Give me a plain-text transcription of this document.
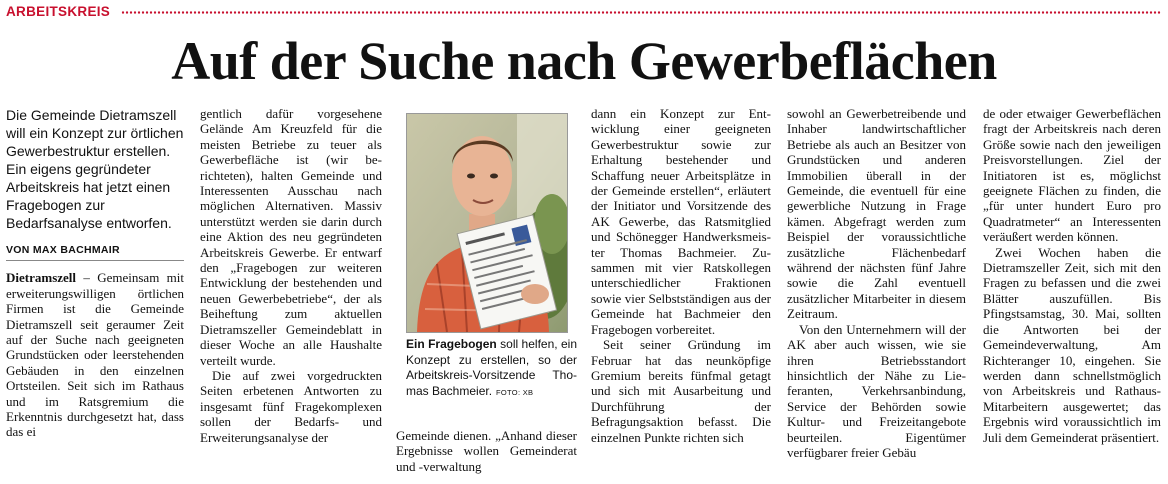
ARBEITSKREIS
Auf der Suche nach Gewerbeflächen
Die Gemeinde Dietramszell will ein Konzept zur örtlichen Gewerbestruktur erstellen. Ein eigens gegründeter Arbeitskreis hat jetzt einen Fragebogen zur Bedarfsanalyse entworfen.
VON MAX BACHMAIR

Dietramszell – Gemeinsam mit erweiterungswilligen örtlichen Firmen ist die Gemeinde Dietramszell seit geraumer Zeit auf der Suche nach geeigneten Grundstücken oder leerstehenden Gebäuden in den einzelnen Ortsteilen. Seit sich im Rathaus und im Ratsgremium die Erkenntnis durchgesetzt hat, dass das ei

gentlich dafür vorgesehene Gelände Am Kreuzfeld für die meisten Betriebe zu teuer als Gewerbefläche ist (wir berichteten), halten Gemeinde und Interessenten Ausschau nach möglichen Alternativen. Massiv unterstützt werden sie darin durch eine Aktion des neu gegründeten Arbeitskreis Gewerbe. Er entwarf den „Fragebogen zur weiteren Entwicklung der bestehenden und neuen Gewerbebetriebe“, der als Beiheftung zum aktuellen Dietramszeller Gemeindeblatt in dieser Woche an alle Haushalte verteilt wurde.

Die auf zwei vorgedruckten Seiten erbetenen Antworten zu insgesamt fünf Fragekomplexen sollen der Bedarfs- und Erweiterungsanalyse der

Ein Fragebogen soll helfen, ein Konzept zu erstellen, so der Arbeitskreis-Vorsitzende Thomas Bachmeier. FOTO: XB

Gemeinde dienen. „Anhand dieser Ergebnisse wollen Gemeinderat und -verwaltung

dann ein Konzept zur Entwicklung einer geeigneten Gewerbestruktur sowie zur Erhaltung bestehender und Schaffung neuer Arbeitsplätze in der Gemeinde erstellen“, erläutert der Initiator und Vorsitzende des AK Gewerbe, das Ratsmitglied und Schönegger Handwerksmeister Thomas Bachmeier. Zusammen mit vier Ratskollegen unterschiedlicher Fraktionen sowie vier Selbstständigen aus der Gemeinde hat Bachmeier den Fragebogen vorbereitet.

Seit seiner Gründung im Februar hat das neunköpfige Gremium bereits fünfmal getagt und sich mit Ausarbeitung und Durchführung der Befragungsaktion befasst. Die einzelnen Punkte richten sich

sowohl an Gewerbetreibende und Inhaber landwirtschaftlicher Betriebe als auch an Besitzer von Grundstücken und anderen Immobilien überall in der Gemeinde, die eventuell für eine gewerbliche Nutzung in Frage kämen. Abgefragt werden zum Beispiel der voraussichtliche zusätzliche Flächenbedarf während der nächsten fünf Jahre sowie die Zahl eventuell zusätzlicher Mitarbeiter in diesem Zeitraum.

Von den Unternehmern will der AK aber auch wissen, wie sie ihren Betriebsstandort hinsichtlich der Nähe zu Lieferanten, Verkehrsanbindung, Service der Behörden sowie Kultur- und Freizeitangebote beurteilen. Eigentümer verfügbarer freier Gebäu

de oder etwaiger Gewerbeflächen fragt der Arbeitskreis nach deren Größe sowie nach den jeweiligen Preisvorstellungen. Ziel der Initiatoren ist es, möglichst geeignete Flächen zu finden, die „für unter hundert Euro pro Quadratmeter“ an Interessenten veräußert werden können.

Zwei Wochen haben die Dietramszeller Zeit, sich mit den Fragen zu befassen und die zwei Blätter auszufüllen. Bis Pfingstsamstag, 30. Mai, sollten die Antworten bei der Gemeindeverwaltung, Am Richteranger 10, eingehen. Sie werden dann schnellstmöglich von Arbeitskreis und Rathaus-Mitarbeitern ausgewertet; das Ergebnis wird voraussichtlich im Juli dem Gemeinderat präsentiert.
